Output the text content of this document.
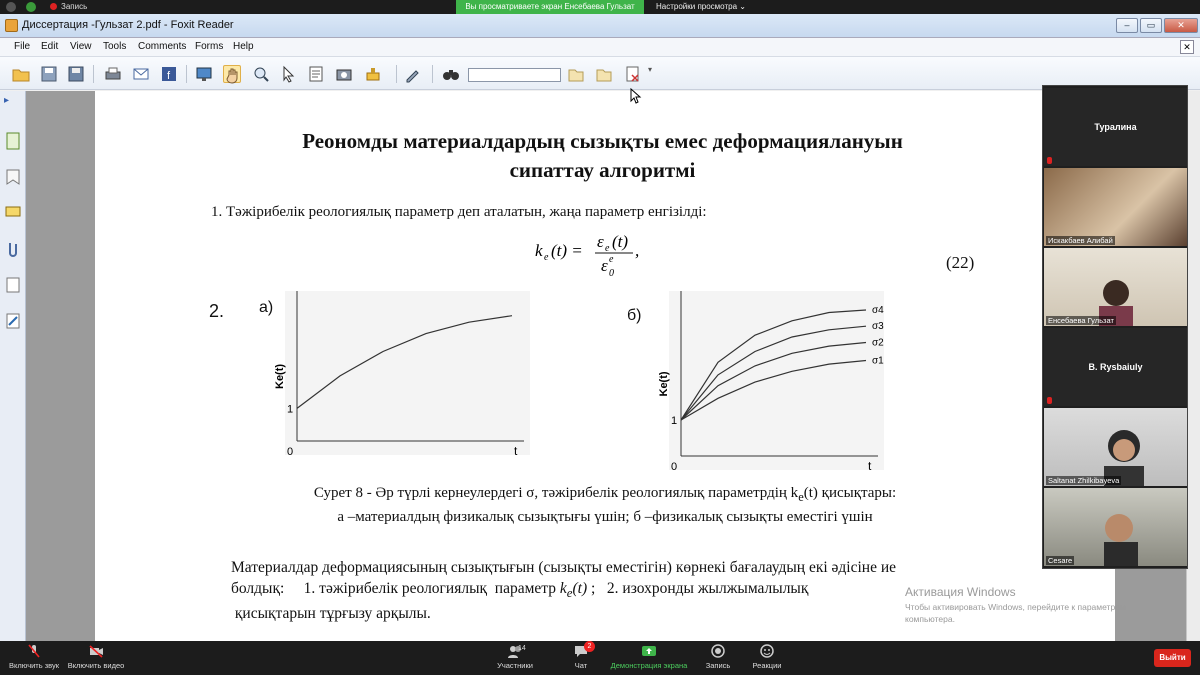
Запись	Вы просматриваете экран Енсебаева Гульзат	Настройки просмотра ⌄
Диссертация -Гульзат 2.pdf - Foxit Reader	–	▭	✕
File Edit View Tools Comments Forms Help	✕
f
▾
▸
Реономды материалдардың сызықты емес деформациялануын
сипаттау алгоритмі
1. Тәжірибелік реологиялық параметр деп аталатын, жаңа параметр енгізілді:
k e (t) = ε e (t)
ε 0
e ,
(22)
2. а)	б)
0
1
t
Ke(t)
0
1
t
Ke(t)
σ4
σ3
σ2
σ1
Сурет 8 - Әр түрлі кернеулердегі σ, тәжірибелік реологиялық параметрдің $k_e(t)$ қисықтары:
а –материалдың физикалық сызықтығы үшін; б –физикалық сызықты еместігі үшін
Материалдар деформациясының сызықтығын (сызықты еместігін) көрнекі бағалаудың екі әдісіне ие
болдық:     1. тәжірибелік реологиялық  параметр $k_e(t)$ ;   2. изохронды жылжымалылық
қисықтарын тұрғызу арқылы.
Активация Windows
Чтобы активировать Windows, перейдите к параметрам компьютера.
Туралина
Искакбаев Алибай
Енсебаева Гульзат
B. Rysbaiuly
Saltanat Zhilkibayeva
Cesare
Включить звук	Включить видео
14
Участники
2
Чат	Демонстрация экрана	Запись	Реакции
Выйти
